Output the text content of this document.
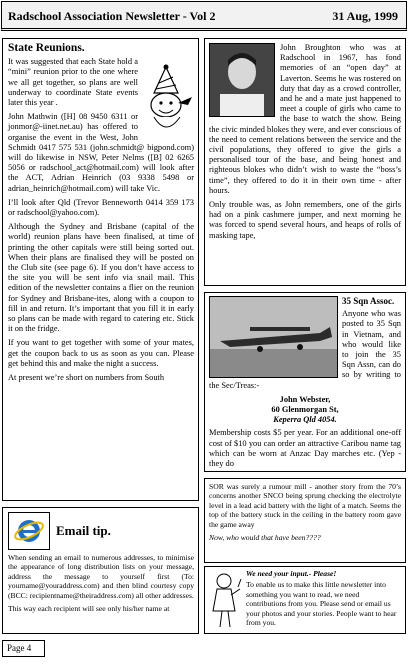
Radschool Association Newsletter - Vol 2	31 Aug, 1999
State Reunions.

It was suggested that each State hold a “mini” reunion prior to the one where we all get together, so plans are well underway to coordinate State events later this year .

John Mathwin ([H] 08 9450 6311 or jonmor@-iinet.net.au) has offered to organise the event in the West, John Schmidt 0417 575 531 (john.schmidt@ bigpond.com) will do likewise in NSW, Peter Nelms ([B] 02 6265 5056 or radschool_act@hotmail.com) will look after the ACT, Adrian Heinrich (03 9338 5498 or adrian_heinrich@hotmail.com) will take Vic.

I’ll look after Qld (Trevor Benneworth 0414 359 173 or radschool@yahoo.com).

Although the Sydney and Brisbane (capital of the world) reunion plans have been finalised, at time of printing the other capitals were still being sorted out. When their plans are finalised they will be posted on the Club site (see page 6). If you don’t have access to the site you will be sent info via snail mail. This edition of the newsletter contains a flier on the reunion for Sydney and Brisbane-ites, along with a coupon to fill in and return. It’s important that you fill it in early so plans can be made with regard to catering etc. Stick it on the fridge.

If you want to get together with some of your mates, get the coupon back to us as soon as you can. Please get behind this and make the night a success.

At present we’re short on numbers from South

Email tip.

When sending an email to numerous addresses, to minimise the appearance of long distribution lists on your message, address the message to yourself first (To: yourname@youraddress.com) and then blind courtesy copy (BCC: recipientname@theiraddress.com) all other addresses.

This way each recipient will see only his/her name at

John Broughton who was at Radschool in 1967, has fond memories of an “open day” at Laverton. Seems he was rostered on duty that day as a crowd controller, and he and a mate just happened to meet a couple of girls who came to the base to watch the show. Being the civic minded blokes they were, and ever conscious of the need to cement relations between the service and the civil populations, they offered to give the girls a personalised tour of the base, and being honest and righteous blokes who didn’t wish to waste the “boss’s time”, they offered to do it in their own time - after hours.

Only trouble was, as John remembers, one of the girls had on a pink cashmere jumper, and next morning he was forced to spend several hours, and heaps of rolls of masking tape,

35 Sqn Assoc.

Anyone who was posted to 35 Sqn in Vietnam, and who would like to join the 35 Sqn Assn, can do so by writing to the Sec/Treas:-

John Webster,
60 Glenmorgan St,
Keperra Qld 4054.

Membership costs $5 per year. For an additional one-off cost of $10 you can order an attractive Caribou name tag which can be worn at Anzac Day marches etc. (Yep - they do

SOR was surely a rumour mill - another story from the 70’s concerns another SNCO being sprung checking the electrolyte level in a lead acid battery with the light of a match. Seems the top of the battery stuck in the ceiling in the battery room gave the game away

Now, who would that have been????

We need your input.- Please!

To enable us to make this little newsletter into something you want to read, we need contributions from you. Please send or email us your photos and your stories. People want to hear from you.

Page 4
